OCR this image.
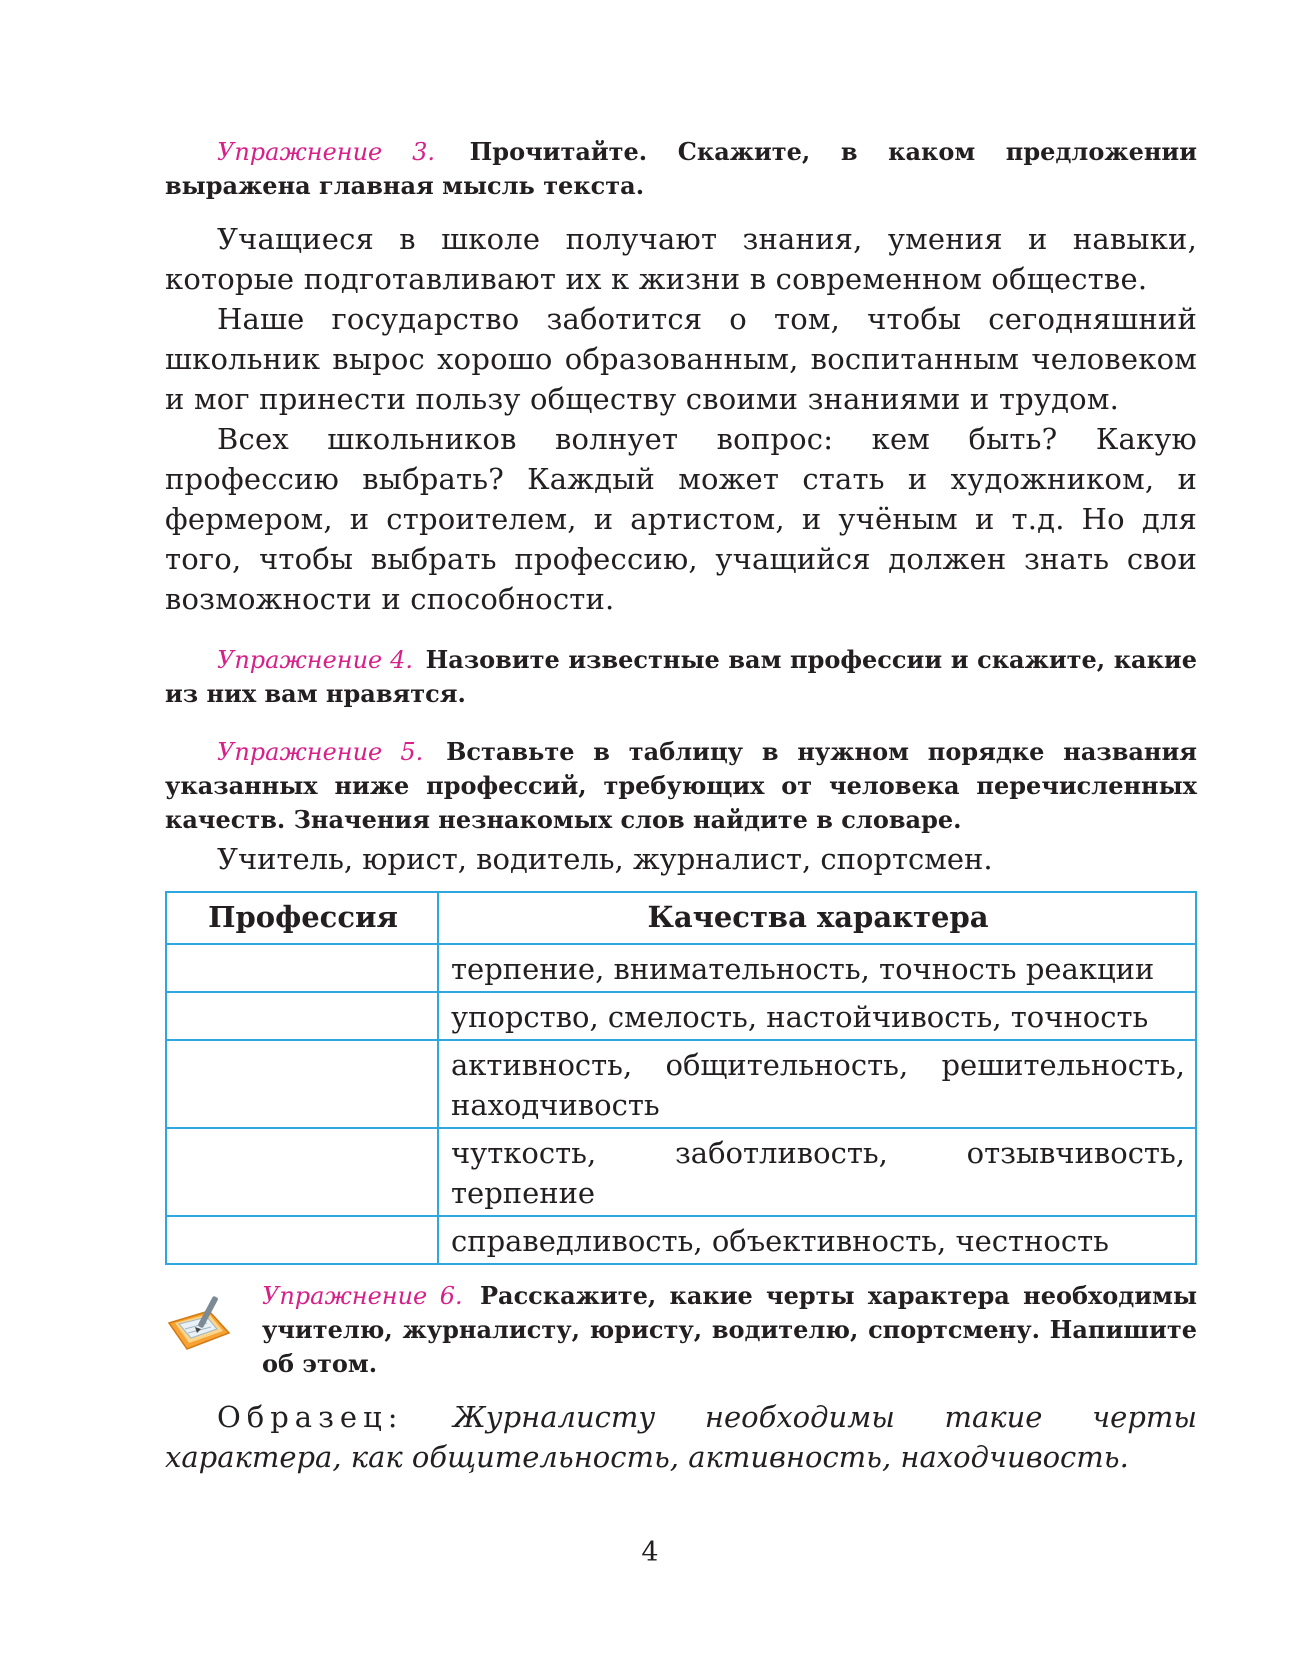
Упражнение 3. Прочитайте. Скажите, в каком предложении выражена главная мысль текста.

Учащиеся в школе получают знания, умения и навыки, которые подготавливают их к жизни в современном обществе.

Наше государство заботится о том, чтобы сегодняшний школьник вырос хорошо образованным, воспитанным человеком и мог принести пользу обществу своими знаниями и трудом.

Всех школьников волнует вопрос: кем быть? Какую профессию выбрать? Каждый может стать и художником, и фермером, и строителем, и артистом, и учёным и т.д. Но для того, чтобы выбрать профессию, учащийся должен знать свои возможности и способности.

Упражнение 4. Назовите известные вам профессии и скажите, какие из них вам нравятся.

Упражнение 5. Вставьте в таблицу в нужном порядке названия указанных ниже профессий, требующих от человека перечисленных качеств. Значения незнакомых слов найдите в словаре.

Учитель, юрист, водитель, журналист, спортсмен.

Профессия	Качества характера
	терпение, внимательность, точность реакции
	упорство, смелость, настойчивость, точность
	активность, общительность, решительность, находчивость
	чуткость, заботливость, отзывчивость, терпение
	справедливость, объективность, честность

Упражнение 6. Расскажите, какие черты характера необходимы учителю, журналисту, юристу, водителю, спортсмену. Напишите об этом.

Образец: Журналисту необходимы такие черты характера, как общительность, активность, находчивость.

4
